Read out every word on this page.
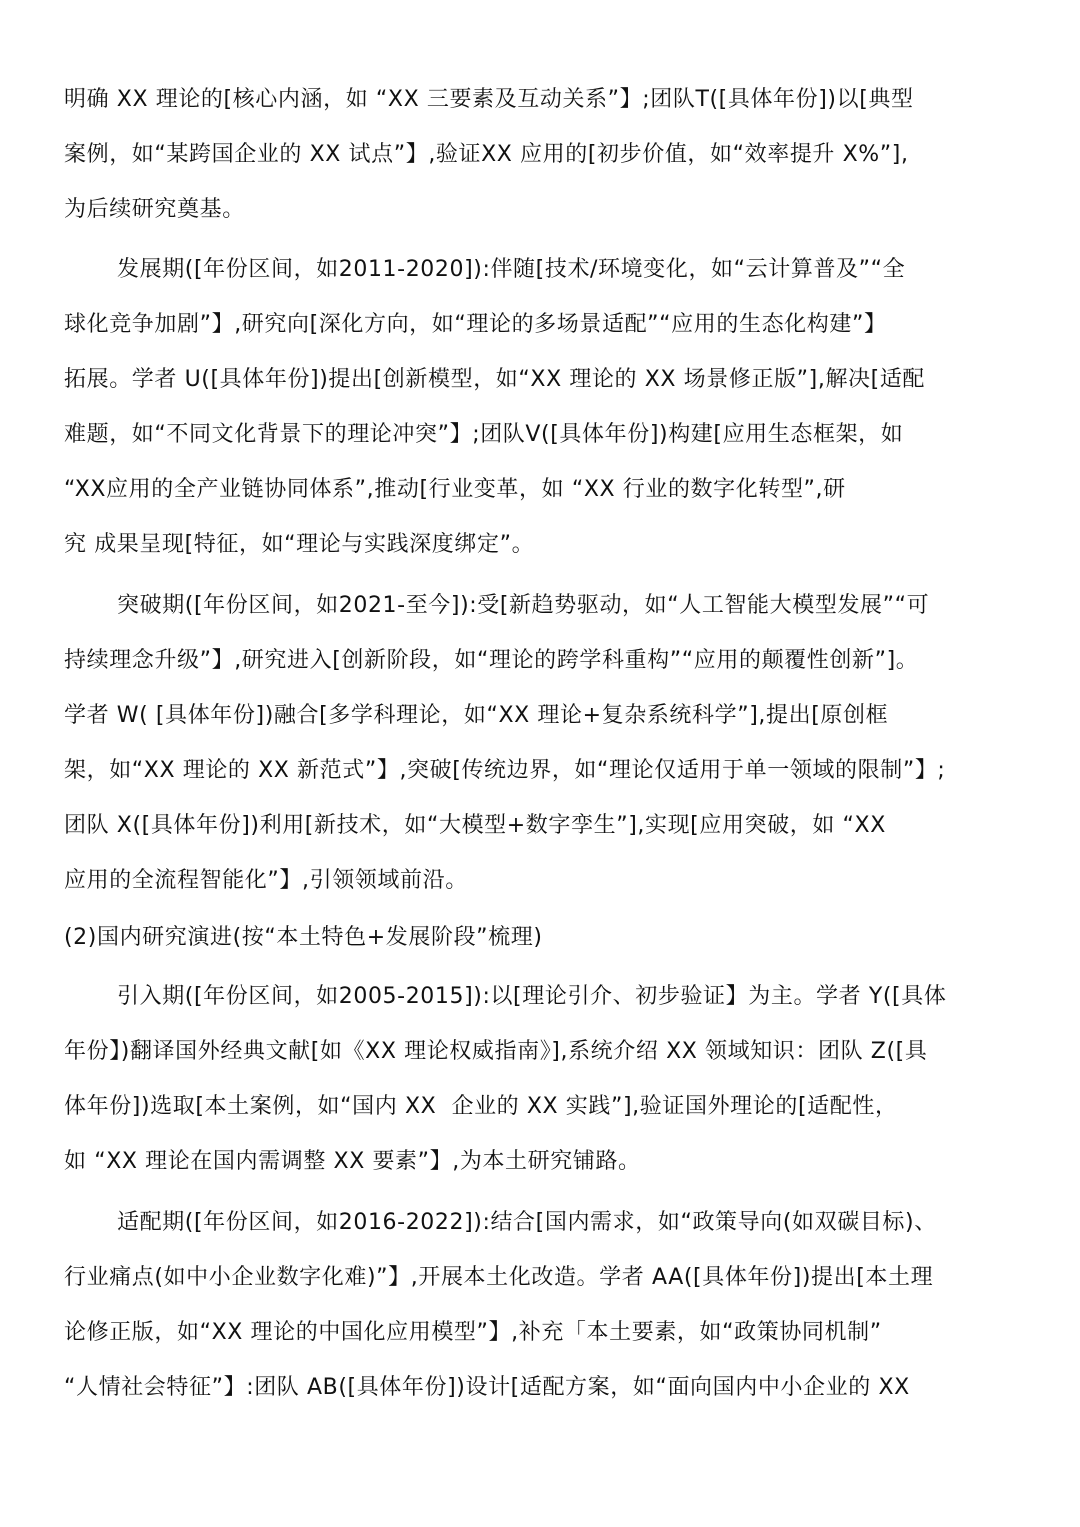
明确 XX 理论的[核心内涵，如 “XX 三要素及互动关系”】;团队T([具体年份])以[典型
案例，如“某跨国企业的 XX 试点”】,验证XX 应用的[初步价值，如“效率提升 X%”],
为后续研究奠基。
发展期([年份区间，如2011-2020]):伴随[技术/环境变化，如“云计算普及”“全
球化竞争加剧”】,研究向[深化方向，如“理论的多场景适配”“应用的生态化构建”】
拓展。学者 U([具体年份])提出[创新模型，如“XX 理论的 XX 场景修正版”],解决[适配
难题，如“不同文化背景下的理论冲突”】;团队V([具体年份])构建[应用生态框架，如
“XX应用的全产业链协同体系”,推动[行业变革，如 “XX 行业的数字化转型”,研
究 成果呈现[特征，如“理论与实践深度绑定”。
突破期([年份区间，如2021-至今]):受[新趋势驱动，如“人工智能大模型发展”“可
持续理念升级”】,研究进入[创新阶段，如“理论的跨学科重构”“应用的颠覆性创新”]。
学者 W( [具体年份])融合[多学科理论，如“XX 理论+复杂系统科学”],提出[原创框
架，如“XX 理论的 XX 新范式”】,突破[传统边界，如“理论仅适用于单一领域的限制”】;
团队 X([具体年份])利用[新技术，如“大模型+数字孪生”],实现[应用突破，如 “XX
应用的全流程智能化”】,引领领域前沿。
(2)国内研究演进(按“本土特色+发展阶段”梳理)
引入期([年份区间，如2005-2015]):以[理论引介、初步验证】为主。学者 Y([具体
年份】)翻译国外经典文献[如《XX 理论权威指南》],系统介绍 XX 领域知识：团队 Z([具
体年份])选取[本土案例，如“国内 XX  企业的 XX 实践”],验证国外理论的[适配性，
如 “XX 理论在国内需调整 XX 要素”】,为本土研究铺路。
适配期([年份区间，如2016-2022]):结合[国内需求，如“政策导向(如双碳目标)、
行业痛点(如中小企业数字化难)”】,开展本土化改造。学者 AA([具体年份])提出[本土理
论修正版，如“XX 理论的中国化应用模型”】,补充「本土要素，如“政策协同机制”
“人情社会特征”】:团队 AB([具体年份])设计[适配方案，如“面向国内中小企业的 XX
